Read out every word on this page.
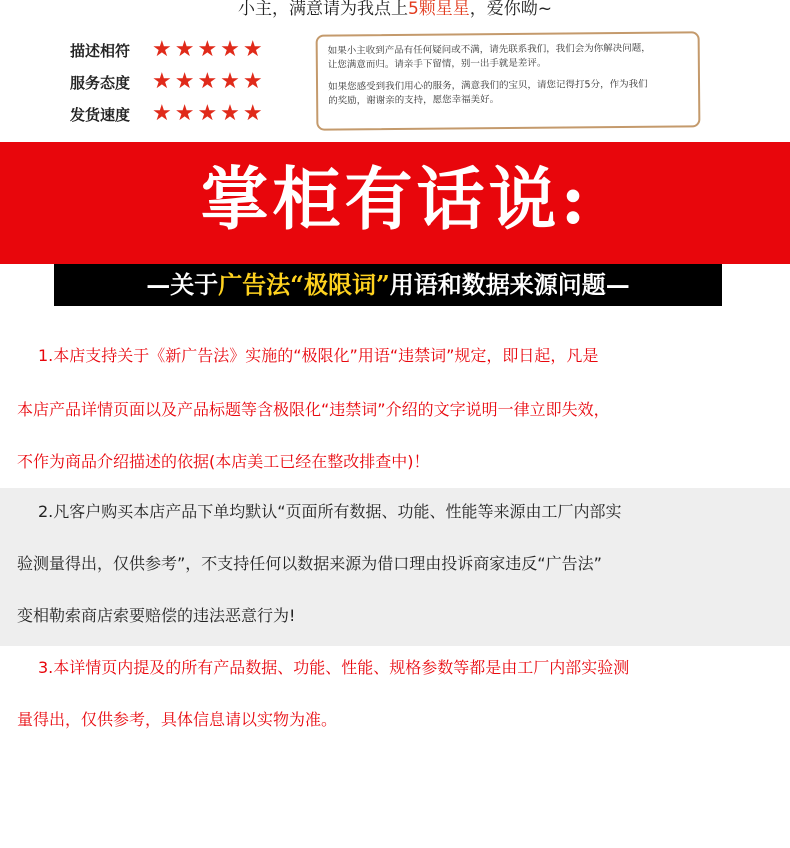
小主，满意请为我点上5颗星星，爱你呦~
描述相符 ★★★★★
服务态度 ★★★★★
发货速度 ★★★★★

如果小主收到产品有任何疑问或不满，请先联系我们，我们会为你解决问题，
让您满意而归。请亲手下留情，别一出手就是差评。

如果您感受到我们用心的服务，满意我们的宝贝，请您记得打5分，作为我们
的奖励，谢谢亲的支持，愿您幸福美好。

掌柜有话说:
—关于广告法“极限词”用语和数据来源问题—
1.本店支持关于《新广告法》实施的“极限化”用语“违禁词”规定，即日起，凡是
本店产品详情页面以及产品标题等含极限化“违禁词”介绍的文字说明一律立即失效，
不作为商品介绍描述的依据(本店美工已经在整改排查中)！
2.凡客户购买本店产品下单均默认“页面所有数据、功能、性能等来源由工厂内部实
验测量得出，仅供参考”，不支持任何以数据来源为借口理由投诉商家违反“广告法”
变相勒索商店索要赔偿的违法恶意行为!
3.本详情页内提及的所有产品数据、功能、性能、规格参数等都是由工厂内部实验测
量得出，仅供参考，具体信息请以实物为准。
